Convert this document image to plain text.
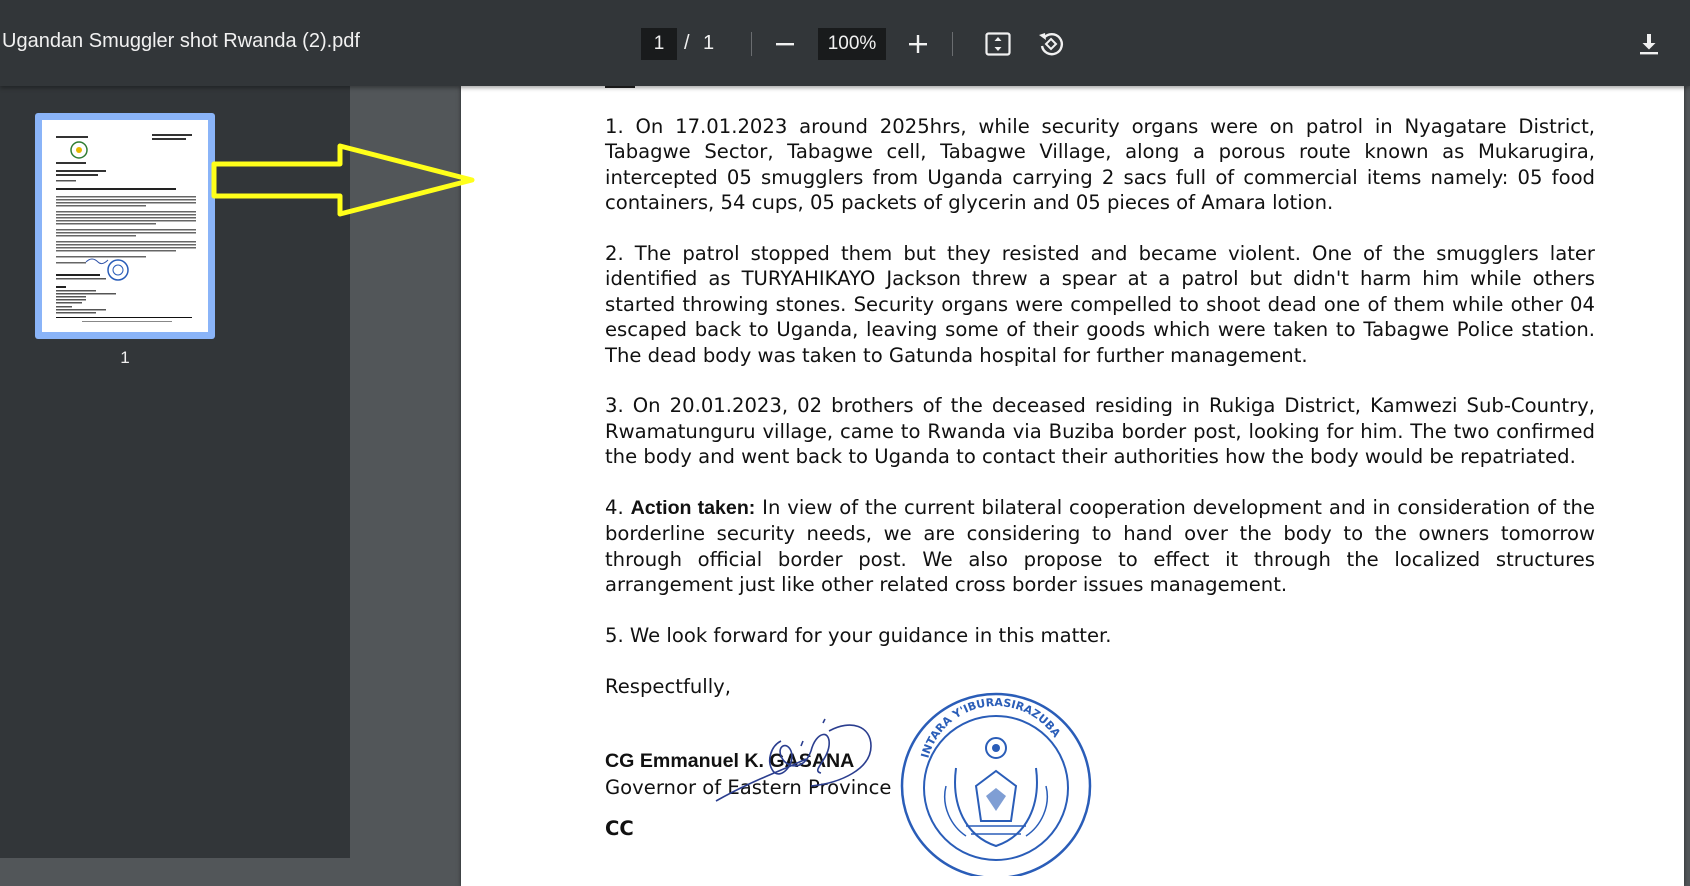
Ugandan Smuggler shot Rwanda (2).pdf
1	/ 1	100%
1

1. On 17.01.2023 around 2025hrs, while security organs were on patrol in Nyagatare District, Tabagwe Sector, Tabagwe cell, Tabagwe Village, along a porous route known as Mukarugira, intercepted 05 smugglers from Uganda carrying 2 sacs full of commercial items namely: 05 food containers, 54 cups, 05 packets of glycerin and 05 pieces of Amara lotion.

2. The patrol stopped them but they resisted and became violent. One of the smugglers later identified as TURYAHIKAYO Jackson threw a spear at a patrol but didn't harm him while others started throwing stones. Security organs were compelled to shoot dead one of them while other 04 escaped back to Uganda, leaving some of their goods which were taken to Tabagwe Police station. The dead body was taken to Gatunda hospital for further management.

3. On 20.01.2023, 02 brothers of the deceased residing in Rukiga District, Kamwezi Sub-Country, Rwamatunguru village, came to Rwanda via Buziba border post, looking for him. The two confirmed the body and went back to Uganda to contact their authorities how the body would be repatriated.

4. Action taken: In view of the current bilateral cooperation development and in consideration of the borderline security needs, we are considering to hand over the body to the owners tomorrow through official border post. We also propose to effect it through the localized structures arrangement just like other related cross border issues management.

5. We look forward for your guidance in this matter.

Respectfully,

CG Emmanuel K. GASANA
Governor of Eastern Province
CC
INTARA Y'IBURASIRAZUBA
